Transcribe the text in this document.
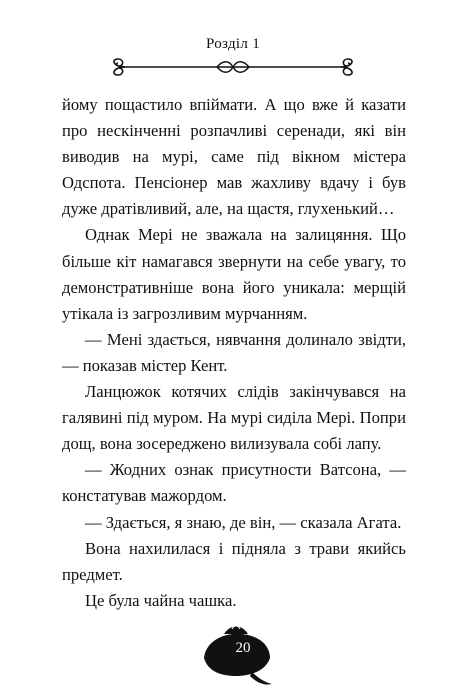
Розділ 1

йому пощастило впіймати. А що вже й казати про нескінченні розпачливі серенади, які він виводив на мурі, саме під вікном містера Одспота. Пенсіонер мав жахливу вдачу і був дуже дратівливий, але, на щастя, глухенький…

Однак Мері не зважала на залицяння. Що більше кіт намагався звернути на себе увагу, то демонстративніше вона його уникала: мерщій утікала із загрозливим мурчанням.

— Мені здається, нявчання долинало звідти, — показав містер Кент.

Ланцюжок котячих слідів закінчувався на галявині під муром. На мурі сиділа Мері. Попри дощ, вона зосереджено вилизувала собі лапу.

— Жодних ознак присутности Ватсона, — констатував мажордом.

— Здається, я знаю, де він, — сказала Агата.

Вона нахилилася і підняла з трави якийсь предмет.

Це була чайна чашка.

20
